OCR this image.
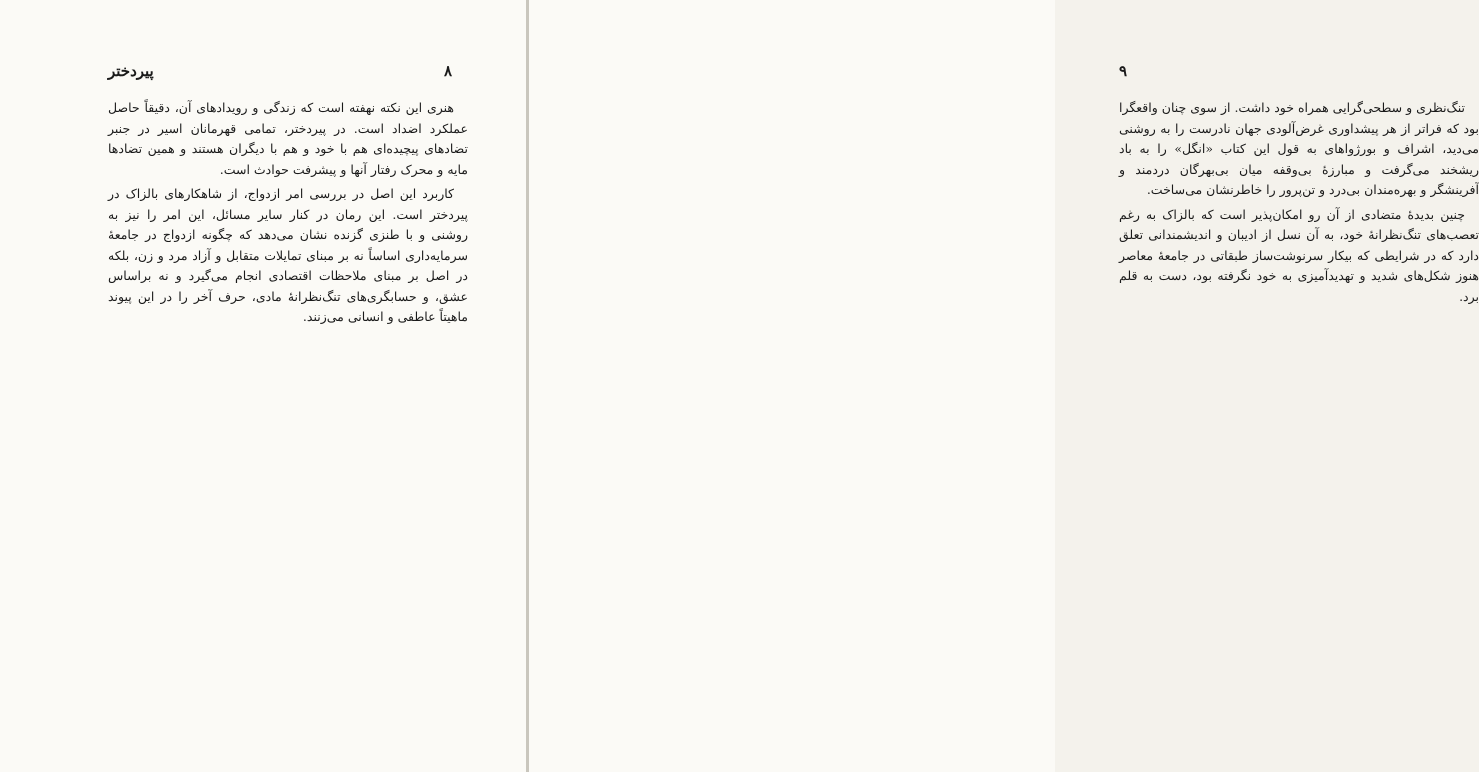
پیردختر	۸

هنری این نکته نهفته است که زندگی و رویدادهای آن، دقیقاً حاصل عملکرد اضداد است. در پیردختر، تمامی قهرمانان اسیر در جنبر تضادهای پیچیده‌ای هم با خود و هم با دیگران هستند و همین تضادها مایه و محرک رفتار آنها و پیشرفت حوادث است.

کاربرد این اصل در بررسی امر ازدواج، از شاهکارهای بالزاک در پیردختر است. این رمان در کنار سایر مسائل، این امر را نیز به روشنی و با طنزی گزنده نشان می‌دهد که چگونه ازدواج در جامعهٔ سرمایه‌داری اساساً نه بر مبنای تمایلات متقابل و آزاد مرد و زن، بلکه در اصل بر مبنای ملاحظات اقتصادی انجام می‌گیرد و نه براساس عشق، و حسابگری‌های تنگ‌نظرانهٔ مادی، حرف آخر را در این پیوند ماهیتاً عاطفی و انسانی می‌زنند.

۹

تنگ‌نظری و سطحی‌گرایی همراه خود داشت. از سوی چنان واقعگرا بود که فراتر از هر پیشداوری غرض‌آلودی جهان نادرست را به روشنی می‌دید، اشراف و بورژواهای به قول این کتاب «انگل» را به باد ریشخند می‌گرفت و مبارزهٔ بی‌وقفه میان بی‌بهرگان دردمند و آفرینشگر و بهره‌مندان بی‌درد و تن‌پرور را خاطرنشان می‌ساخت.

چنین بدیدهٔ متضادی از آن رو امکان‌پذیر است که بالزاک به رغم تعصب‌های تنگ‌نظرانهٔ خود، به آن نسل از ادیبان و اندیشمندانی تعلق دارد که در شرایطی که بیکار سرنوشت‌ساز طبقاتی در جامعهٔ معاصر هنوز شکل‌های شدید و تهدیدآمیزی به خود نگرفته بود، دست به قلم برد.
